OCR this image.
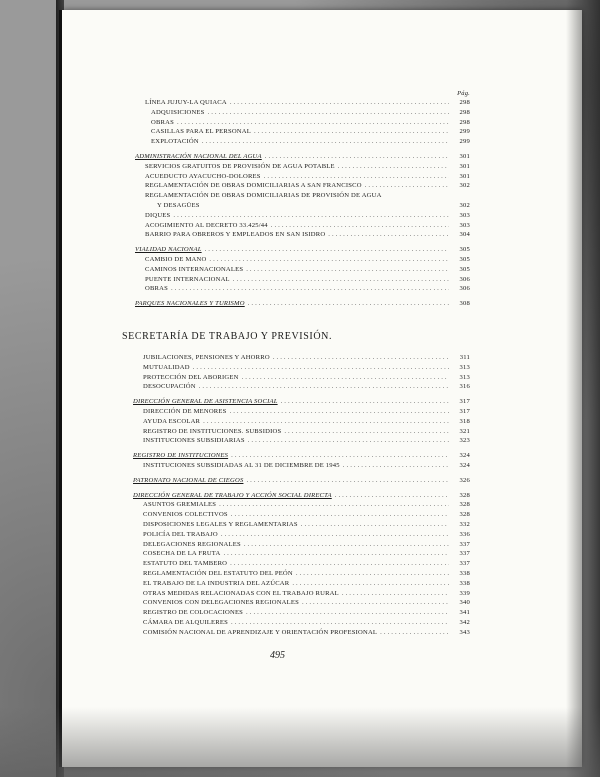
Pág.
LÍNEA JUJUY-LA QUIACA . . .	298
ADQUISICIONES . . .	298
OBRAS . . .	298
CASILLAS PARA EL PERSONAL . . .	299
EXPLOTACIÓN . . .	299
ADMINISTRACIÓN NACIONAL DEL AGUA . . .	301
SERVICIOS GRATUITOS DE PROVISIÓN DE AGUA POTABLE . . .	301
ACUEDUCTO AYACUCHO-DOLORES . . .	301
REGLAMENTACIÓN DE OBRAS DOMICILIARIAS A SAN FRANCISCO . . .	302
REGLAMENTACIÓN DE OBRAS DOMICILIARIAS DE PROVISIÓN DE AGUA
Y DESAGÜES	302
DIQUES . . .	303
ACOGIMIENTO AL DECRETO 33.425/44 . . .	303
BARRIO PARA OBREROS Y EMPLEADOS EN SAN ISIDRO . . .	304
VIALIDAD NACIONAL . . .	305
CAMBIO DE MANO . . .	305
CAMINOS INTERNACIONALES . . .	305
PUENTE INTERNACIONAL . . .	306
OBRAS . . .	306
PARQUES NACIONALES Y TURISMO . . .	308
SECRETARÍA DE TRABAJO Y PREVISIÓN.
JUBILACIONES, PENSIONES Y AHORRO . . .	311
MUTUALIDAD . . .	313
PROTECCIÓN DEL ABORIGEN . . .	313
DESOCUPACIÓN . . .	316
DIRECCIÓN GENERAL DE ASISTENCIA SOCIAL . . .	317
DIRECCIÓN DE MENORES . . .	317
AYUDA ESCOLAR . . .	318
REGISTRO DE INSTITUCIONES. SUBSIDIOS . . .	321
INSTITUCIONES SUBSIDIARIAS . . .	323
REGISTRO DE INSTITUCIONES . . .	324
INSTITUCIONES SUBSIDIADAS AL 31 DE DICIEMBRE DE 1945 . . .	324
PATRONATO NACIONAL DE CIEGOS . . .	326
DIRECCIÓN GENERAL DE TRABAJO Y ACCIÓN SOCIAL DIRECTA . . .	328
ASUNTOS GREMIALES . . .	328
CONVENIOS COLECTIVOS . . .	328
DISPOSICIONES LEGALES Y REGLAMENTARIAS . . .	332
POLICÍA DEL TRABAJO . . .	336
DELEGACIONES REGIONALES . . .	337
COSECHA DE LA FRUTA . . .	337
ESTATUTO DEL TAMBERO . . .	337
REGLAMENTACIÓN DEL ESTATUTO DEL PEÓN . . .	338
EL TRABAJO DE LA INDUSTRIA DEL AZÚCAR . . .	338
OTRAS MEDIDAS RELACIONADAS CON EL TRABAJO RURAL . . .	339
CONVENIOS CON DELEGACIONES REGIONALES . . .	340
REGISTRO DE COLOCACIONES . . .	341
CÁMARA DE ALQUILERES . . .	342
COMISIÓN NACIONAL DE APRENDIZAJE Y ORIENTACIÓN PROFESIONAL . . .	343
495
